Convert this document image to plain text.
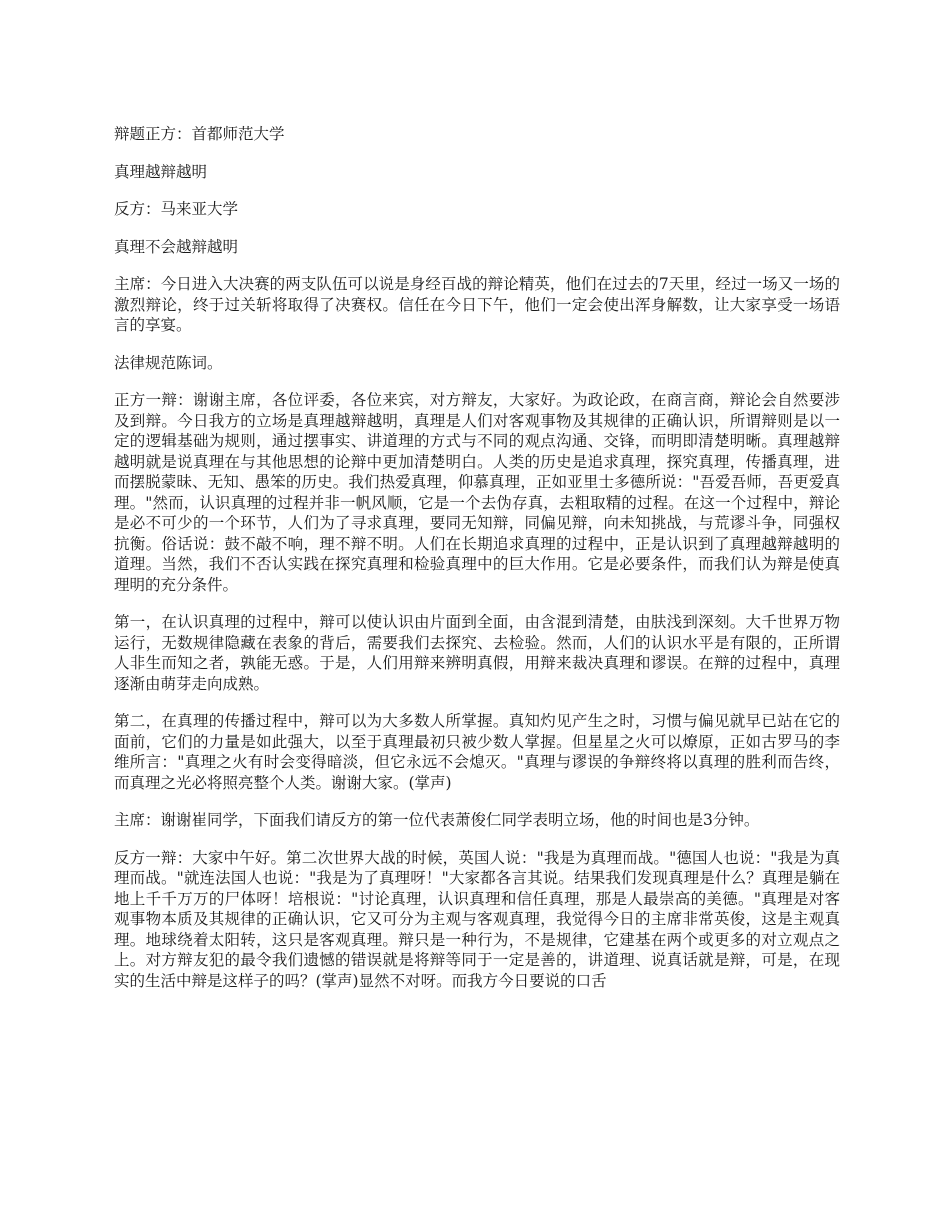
辩题正方：首都师范大学

真理越辩越明

反方：马来亚大学

真理不会越辩越明

主席：今日进入大决赛的两支队伍可以说是身经百战的辩论精英，他们在过去的7天里，经过一场又一场的激烈辩论，终于过关斩将取得了决赛权。信任在今日下午，他们一定会使出浑身解数，让大家享受一场语言的享宴。

法律规范陈词。

正方一辩：谢谢主席，各位评委，各位来宾，对方辩友，大家好。为政论政，在商言商，辩论会自然要涉及到辩。今日我方的立场是真理越辩越明，真理是人们对客观事物及其规律的正确认识，所谓辩则是以一定的逻辑基础为规则，通过摆事实、讲道理的方式与不同的观点沟通、交锋，而明即清楚明晰。真理越辩越明就是说真理在与其他思想的论辩中更加清楚明白。人类的历史是追求真理，探究真理，传播真理，进而摆脱蒙昧、无知、愚笨的历史。我们热爱真理，仰慕真理，正如亚里士多德所说："吾爱吾师，吾更爱真理。"然而，认识真理的过程并非一帆风顺，它是一个去伪存真，去粗取精的过程。在这一个过程中，辩论是必不可少的一个环节，人们为了寻求真理，要同无知辩，同偏见辩，向未知挑战，与荒谬斗争，同强权抗衡。俗话说：鼓不敲不响，理不辩不明。人们在长期追求真理的过程中，正是认识到了真理越辩越明的道理。当然，我们不否认实践在探究真理和检验真理中的巨大作用。它是必要条件，而我们认为辩是使真理明的充分条件。

第一，在认识真理的过程中，辩可以使认识由片面到全面，由含混到清楚，由肤浅到深刻。大千世界万物运行，无数规律隐藏在表象的背后，需要我们去探究、去检验。然而，人们的认识水平是有限的，正所谓人非生而知之者，孰能无惑。于是，人们用辩来辨明真假，用辩来裁决真理和谬误。在辩的过程中，真理逐渐由萌芽走向成熟。

第二，在真理的传播过程中，辩可以为大多数人所掌握。真知灼见产生之时，习惯与偏见就早已站在它的面前，它们的力量是如此强大，以至于真理最初只被少数人掌握。但星星之火可以燎原，正如古罗马的李维所言："真理之火有时会变得暗淡，但它永远不会熄灭。"真理与谬误的争辩终将以真理的胜利而告终，而真理之光必将照亮整个人类。谢谢大家。(掌声)

主席：谢谢崔同学，下面我们请反方的第一位代表萧俊仁同学表明立场，他的时间也是3分钟。

反方一辩：大家中午好。第二次世界大战的时候，英国人说："我是为真理而战。"德国人也说："我是为真理而战。"就连法国人也说："我是为了真理呀！"大家都各言其说。结果我们发现真理是什么？真理是躺在地上千千万万的尸体呀！培根说："讨论真理，认识真理和信任真理，那是人最崇高的美德。"真理是对客观事物本质及其规律的正确认识，它又可分为主观与客观真理，我觉得今日的主席非常英俊，这是主观真理。地球绕着太阳转，这只是客观真理。辩只是一种行为，不是规律，它建基在两个或更多的对立观点之上。对方辩友犯的最令我们遗憾的错误就是将辩等同于一定是善的，讲道理、说真话就是辩，可是，在现实的生活中辩是这样子的吗？(掌声)显然不对呀。而我方今日要说的口舌
